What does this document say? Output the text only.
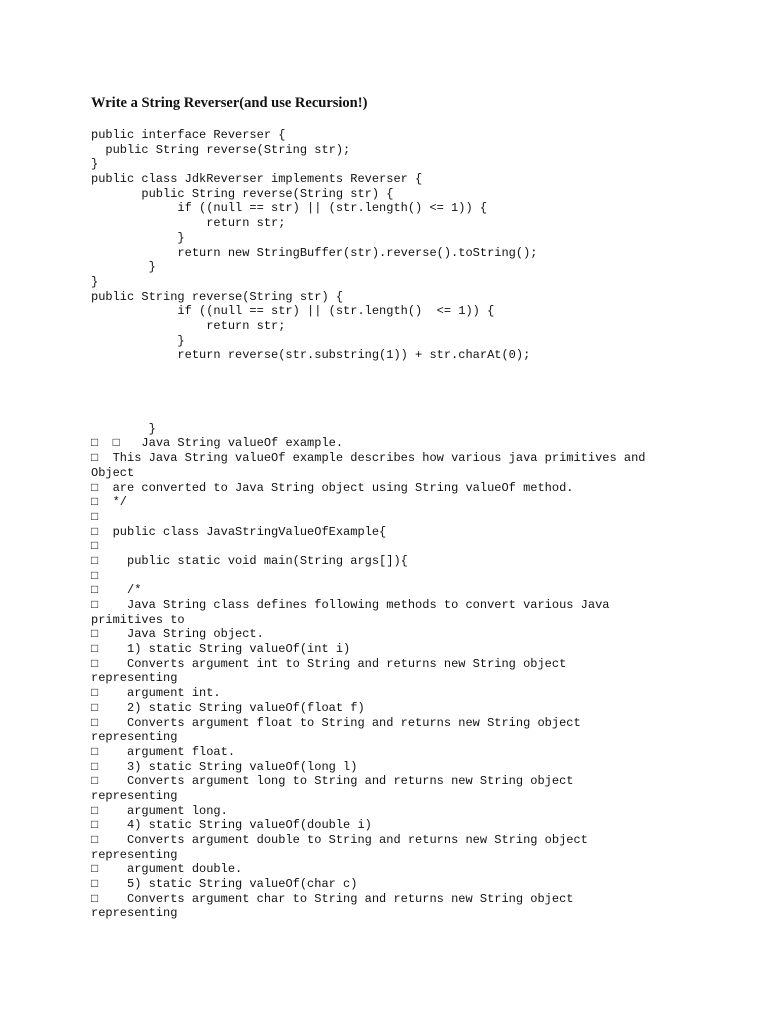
Write a String Reverser(and use Recursion!)
public interface Reverser {
public String reverse(String str);
}
public class JdkReverser implements Reverser {
public String reverse(String str) {
if ((null == str) || (str.length() <= 1)) {
return str;
}
return new StringBuffer(str).reverse().toString();
}
}
public String reverse(String str) {
if ((null == str) || (str.length()  <= 1)) {
return str;
}
return reverse(str.substring(1)) + str.charAt(0);
}
□  □   Java String valueOf example.
□  This Java String valueOf example describes how various java primitives and
Object
□  are converted to Java String object using String valueOf method.
□  */
□
□  public class JavaStringValueOfExample{
□
□    public static void main(String args[]){
□
□    /*
□    Java String class defines following methods to convert various Java
primitives to
□    Java String object.
□    1) static String valueOf(int i)
□    Converts argument int to String and returns new String object
representing
□    argument int.
□    2) static String valueOf(float f)
□    Converts argument float to String and returns new String object
representing
□    argument float.
□    3) static String valueOf(long l)
□    Converts argument long to String and returns new String object
representing
□    argument long.
□    4) static String valueOf(double i)
□    Converts argument double to String and returns new String object
representing
□    argument double.
□    5) static String valueOf(char c)
□    Converts argument char to String and returns new String object
representing
